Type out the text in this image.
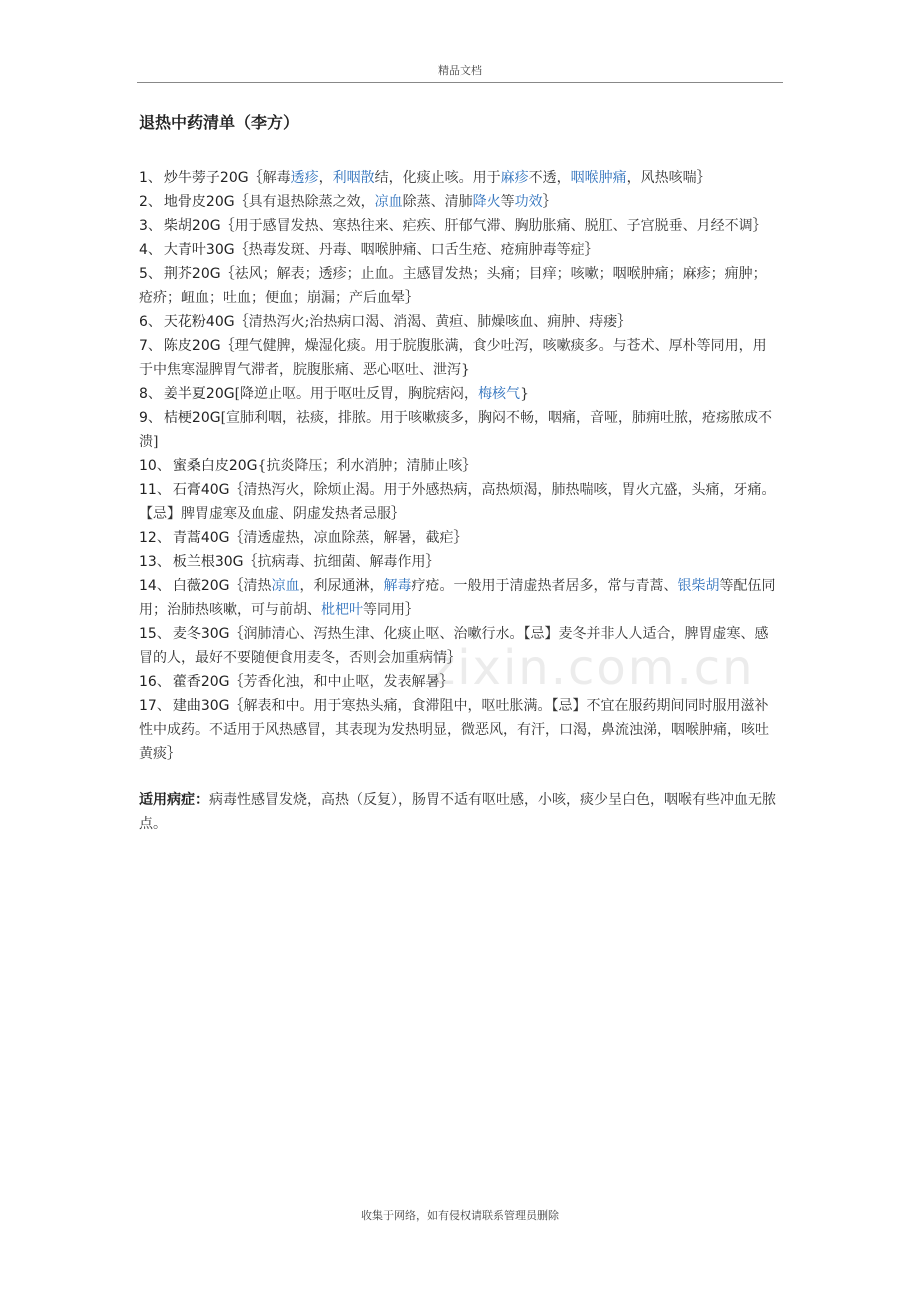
精品文档
zixin.com.cn
退热中药清单（李方）
1、 炒牛蒡子20G｛解毒透疹，利咽散结，化痰止咳。用于麻疹不透，咽喉肿痛，风热咳喘｝
2、 地骨皮20G｛具有退热除蒸之效，凉血除蒸、清肺降火等功效｝
3、 柴胡20G｛用于感冒发热、寒热往来、疟疾、肝郁气滞、胸肋胀痛、脱肛、子宫脱垂、月经不调｝
4、 大青叶30G｛热毒发斑、丹毒、咽喉肿痛、口舌生疮、疮痈肿毒等症｝
5、 荆芥20G｛祛风；解表；透疹；止血。主感冒发热；头痛；目痒；咳嗽；咽喉肿痛；麻疹；痈肿；疮疥；衄血；吐血；便血；崩漏；产后血晕｝
6、 天花粉40G｛清热泻火;治热病口渴、消渴、黄疸、肺燥咳血、痈肿、痔瘘｝
7、 陈皮20G｛理气健脾，燥湿化痰。用于脘腹胀满，食少吐泻，咳嗽痰多。与苍术、厚朴等同用，用于中焦寒湿脾胃气滞者，脘腹胀痛、恶心呕吐、泄泻}
8、 姜半夏20G[降逆止呕。用于呕吐反胃，胸脘痞闷，梅核气}
9、 桔梗20G[宣肺利咽，祛痰，排脓。用于咳嗽痰多，胸闷不畅，咽痛，音哑，肺痈吐脓，疮疡脓成不溃]
10、 蜜桑白皮20G{抗炎降压；利水消肿；清肺止咳｝
11、 石膏40G｛清热泻火，除烦止渴。用于外感热病，高热烦渴，肺热喘咳，胃火亢盛，头痛，牙痛。【忌】脾胃虚寒及血虚、阴虚发热者忌服｝
12、 青蒿40G｛清透虚热，凉血除蒸，解暑，截疟｝
13、 板兰根30G｛抗病毒、抗细菌、解毒作用｝
14、 白薇20G｛清热凉血，利尿通淋，解毒疗疮。一般用于清虚热者居多，常与青蒿、银柴胡等配伍同用；治肺热咳嗽，可与前胡、枇杷叶等同用｝
15、 麦冬30G｛润肺清心、泻热生津、化痰止呕、治嗽行水。【忌】麦冬并非人人适合，脾胃虚寒、感冒的人，最好不要随便食用麦冬，否则会加重病情｝
16、 藿香20G｛芳香化浊，和中止呕，发表解暑｝
17、 建曲30G｛解表和中。用于寒热头痛，食滞阻中，呕吐胀满。【忌】不宜在服药期间同时服用滋补性中成药。不适用于风热感冒，其表现为发热明显，微恶风，有汗，口渴，鼻流浊涕，咽喉肿痛，咳吐黄痰｝
适用病症：病毒性感冒发烧，高热（反复），肠胃不适有呕吐感，小咳，痰少呈白色，咽喉有些冲血无脓点。
收集于网络，如有侵权请联系管理员删除
